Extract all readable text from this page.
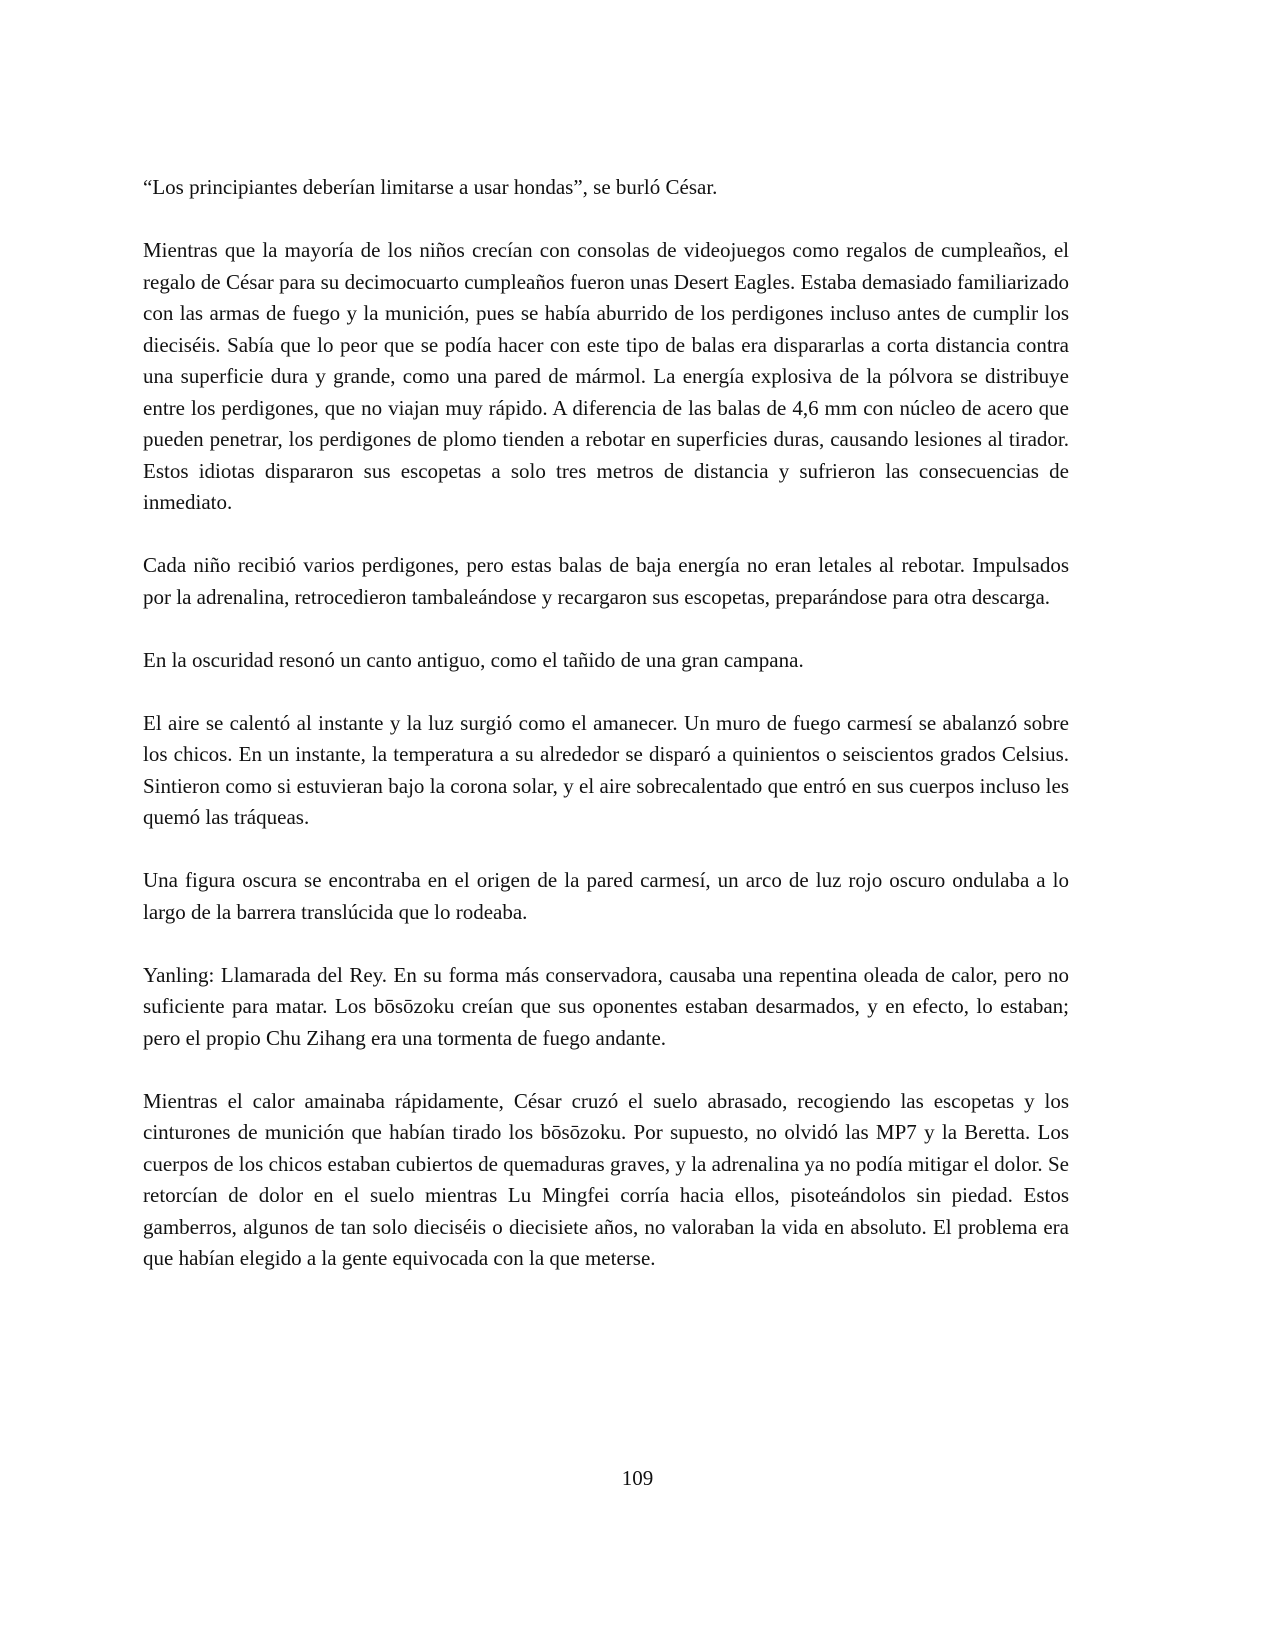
“Los principiantes deberían limitarse a usar hondas”, se burló César.

Mientras que la mayoría de los niños crecían con consolas de videojuegos como regalos de cumpleaños, el regalo de César para su decimocuarto cumpleaños fueron unas Desert Eagles. Estaba demasiado familiarizado con las armas de fuego y la munición, pues se había aburrido de los perdigones incluso antes de cumplir los dieciséis. Sabía que lo peor que se podía hacer con este tipo de balas era dispararlas a corta distancia contra una superficie dura y grande, como una pared de mármol. La energía explosiva de la pólvora se distribuye entre los perdigones, que no viajan muy rápido. A diferencia de las balas de 4,6 mm con núcleo de acero que pueden penetrar, los perdigones de plomo tienden a rebotar en superficies duras, causando lesiones al tirador. Estos idiotas dispararon sus escopetas a solo tres metros de distancia y sufrieron las consecuencias de inmediato.

Cada niño recibió varios perdigones, pero estas balas de baja energía no eran letales al rebotar. Impulsados por la adrenalina, retrocedieron tambaleándose y recargaron sus escopetas, preparándose para otra descarga.

En la oscuridad resonó un canto antiguo, como el tañido de una gran campana.

El aire se calentó al instante y la luz surgió como el amanecer. Un muro de fuego carmesí se abalanzó sobre los chicos. En un instante, la temperatura a su alrededor se disparó a quinientos o seiscientos grados Celsius. Sintieron como si estuvieran bajo la corona solar, y el aire sobrecalentado que entró en sus cuerpos incluso les quemó las tráqueas.

Una figura oscura se encontraba en el origen de la pared carmesí, un arco de luz rojo oscuro ondulaba a lo largo de la barrera translúcida que lo rodeaba.

Yanling: Llamarada del Rey. En su forma más conservadora, causaba una repentina oleada de calor, pero no suficiente para matar. Los bōsōzoku creían que sus oponentes estaban desarmados, y en efecto, lo estaban; pero el propio Chu Zihang era una tormenta de fuego andante.

Mientras el calor amainaba rápidamente, César cruzó el suelo abrasado, recogiendo las escopetas y los cinturones de munición que habían tirado los bōsōzoku. Por supuesto, no olvidó las MP7 y la Beretta. Los cuerpos de los chicos estaban cubiertos de quemaduras graves, y la adrenalina ya no podía mitigar el dolor. Se retorcían de dolor en el suelo mientras Lu Mingfei corría hacia ellos, pisoteándolos sin piedad. Estos gamberros, algunos de tan solo dieciséis o diecisiete años, no valoraban la vida en absoluto. El problema era que habían elegido a la gente equivocada con la que meterse.

109
